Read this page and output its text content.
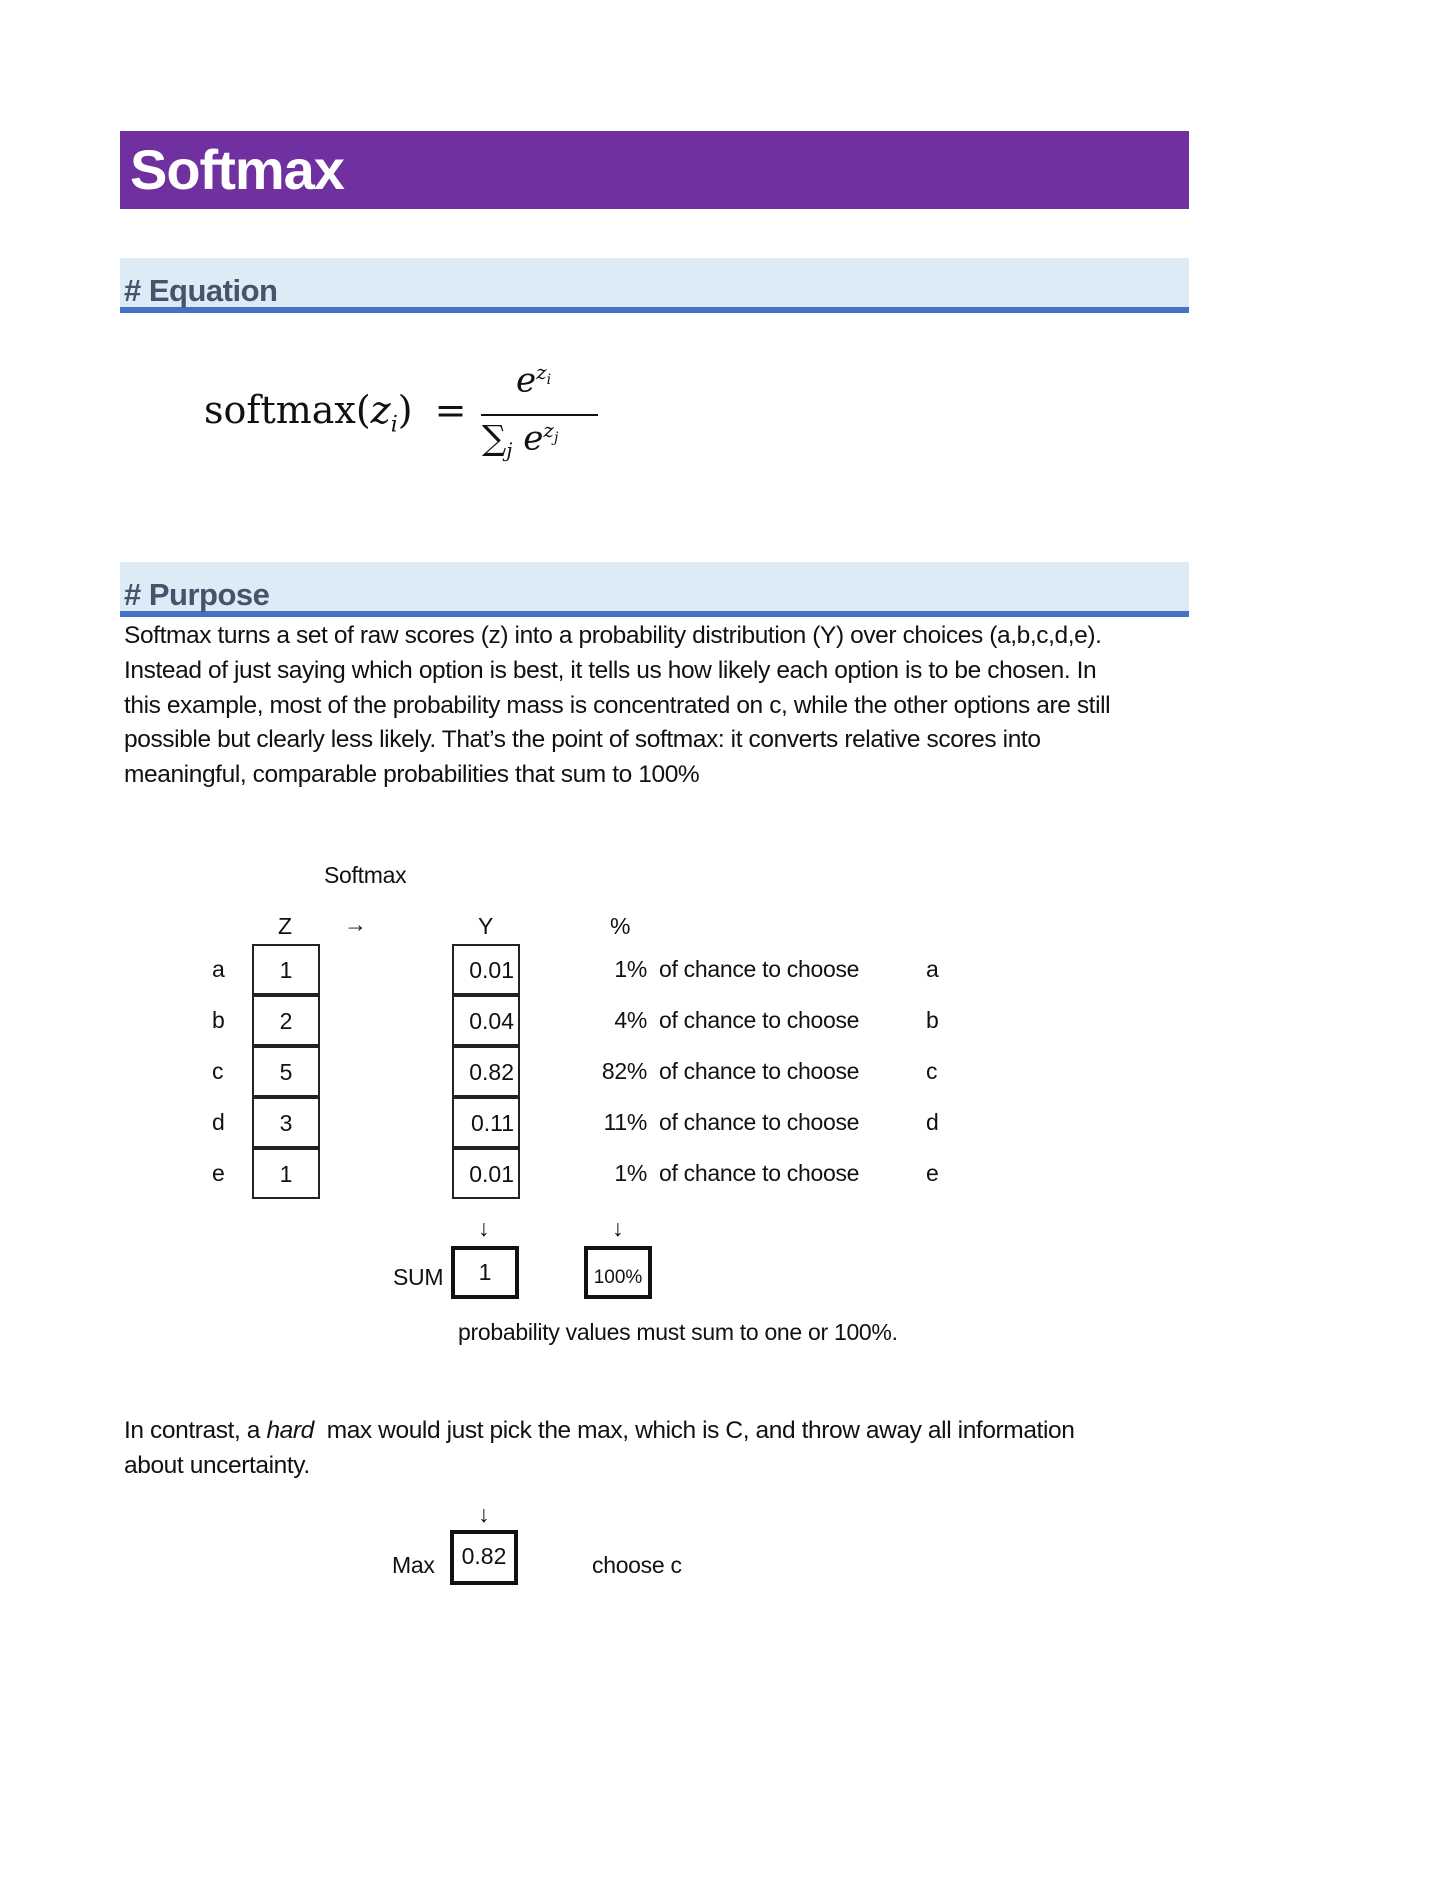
Softmax
# Equation
$softmax(z_i)$ =
$e^{z_i}$
$\sum_j$ $e^{z_j}$
# Purpose
Softmax turns a set of raw scores (z) into a probability distribution (Y) over choices (a,b,c,d,e).
Instead of just saying which option is best, it tells us how likely each option is to be chosen. In
this example, most of the probability mass is concentrated on c, while the other options are still
possible but clearly less likely. That’s the point of softmax: it converts relative scores into
meaningful, comparable probabilities that sum to 100%
Softmax
Z →	Y	%
a	1	0.01	1% of chance to choose	a
b	2	0.04	4% of chance to choose	b
c	5	0.82	82% of chance to choose	c
d	3	0.11	11% of chance to choose	d
e	1	0.01	1% of chance to choose	e
↓	↓
SUM	1	100%
probability values must sum to one or 100%.
In contrast, a hard  max would just pick the max, which is C, and throw away all information
about uncertainty.
↓
Max	0.82	choose c
